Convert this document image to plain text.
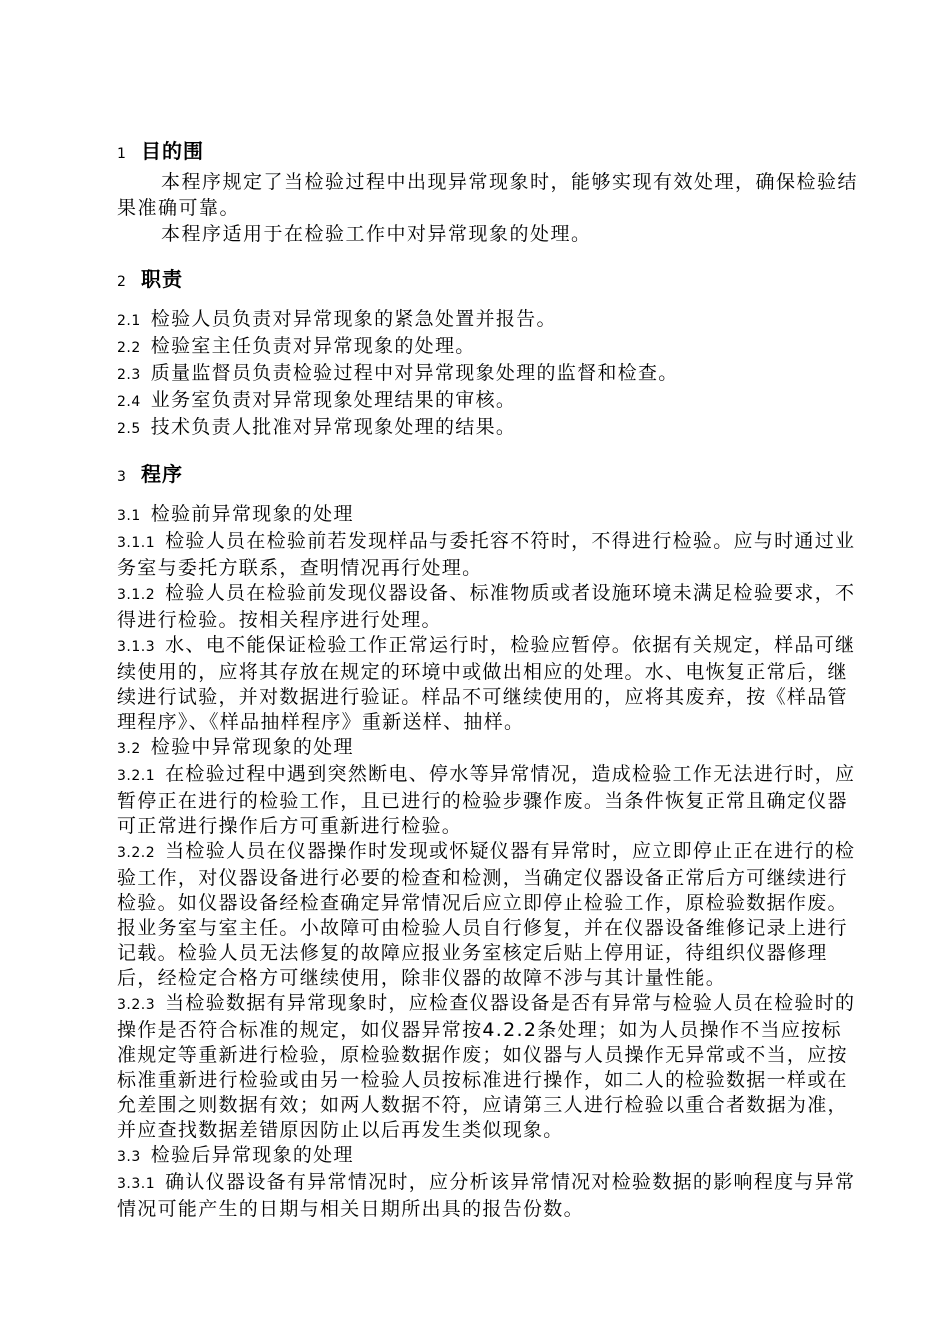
1 目的围

本程序规定了当检验过程中出现异常现象时，能够实现有效处理，确保检验结果准确可靠。

本程序适用于在检验工作中对异常现象的处理。

2 职责

2.1 检验人员负责对异常现象的紧急处置并报告。

2.2 检验室主任负责对异常现象的处理。

2.3 质量监督员负责检验过程中对异常现象处理的监督和检查。

2.4 业务室负责对异常现象处理结果的审核。

2.5 技术负责人批准对异常现象处理的结果。

3 程序

3.1 检验前异常现象的处理

3.1.1 检验人员在检验前若发现样品与委托容不符时，不得进行检验。应与时通过业务室与委托方联系，查明情况再行处理。

3.1.2 检验人员在检验前发现仪器设备、标准物质或者设施环境未满足检验要求，不得进行检验。按相关程序进行处理。

3.1.3 水、电不能保证检验工作正常运行时，检验应暂停。依据有关规定，样品可继续使用的，应将其存放在规定的环境中或做出相应的处理。水、电恢复正常后，继续进行试验，并对数据进行验证。样品不可继续使用的，应将其废弃，按《样品管理程序》、《样品抽样程序》重新送样、抽样。

3.2 检验中异常现象的处理

3.2.1 在检验过程中遇到突然断电、停水等异常情况，造成检验工作无法进行时，应暂停正在进行的检验工作，且已进行的检验步骤作废。当条件恢复正常且确定仪器可正常进行操作后方可重新进行检验。

3.2.2 当检验人员在仪器操作时发现或怀疑仪器有异常时，应立即停止正在进行的检验工作，对仪器设备进行必要的检查和检测，当确定仪器设备正常后方可继续进行检验。如仪器设备经检查确定异常情况后应立即停止检验工作，原检验数据作废。报业务室与室主任。小故障可由检验人员自行修复，并在仪器设备维修记录上进行记载。检验人员无法修复的故障应报业务室核定后贴上停用证，待组织仪器修理后，经检定合格方可继续使用，除非仪器的故障不涉与其计量性能。

3.2.3 当检验数据有异常现象时，应检查仪器设备是否有异常与检验人员在检验时的操作是否符合标准的规定，如仪器异常按4.2.2条处理；如为人员操作不当应按标准规定等重新进行检验，原检验数据作废；如仪器与人员操作无异常或不当，应按标准重新进行检验或由另一检验人员按标准进行操作，如二人的检验数据一样或在允差围之则数据有效；如两人数据不符，应请第三人进行检验以重合者数据为准，并应查找数据差错原因防止以后再发生类似现象。

3.3 检验后异常现象的处理

3.3.1 确认仪器设备有异常情况时，应分析该异常情况对检验数据的影响程度与异常情况可能产生的日期与相关日期所出具的报告份数。
